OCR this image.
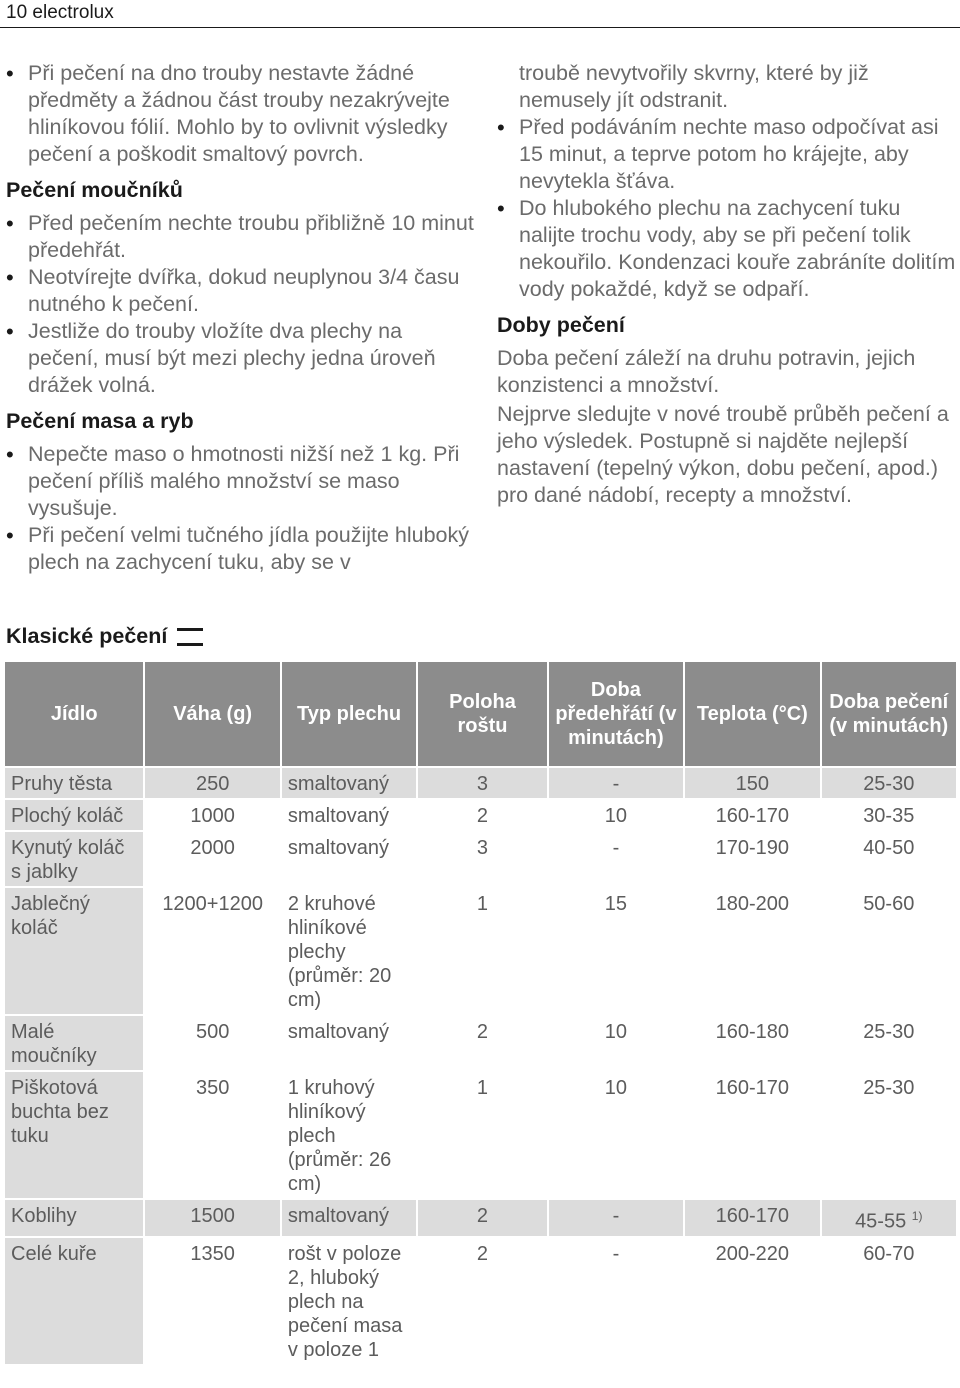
10 electrolux
• Při pečení na dno trouby nestavte žádné předměty a žádnou část trouby nezakrývejte hliníkovou fólií. Mohlo by to ovlivnit výsledky pečení a poškodit smaltový povrch.
Pečení moučníků
• Před pečením nechte troubu přibližně 10 minut předehřát.
• Neotvírejte dvířka, dokud neuplynou 3/4 času nutného k pečení.
• Jestliže do trouby vložíte dva plechy na pečení, musí být mezi plechy jedna úroveň drážek volná.
Pečení masa a ryb
• Nepečte maso o hmotnosti nižší než 1 kg. Při pečení příliš malého množství se maso vysušuje.
• Při pečení velmi tučného jídla použijte hluboký plech na zachycení tuku, aby se v
troubě nevytvořily skvrny, které by již nemusely jít odstranit.
• Před podáváním nechte maso odpočívat asi 15 minut, a teprve potom ho krájejte, aby nevytekla šťáva.
• Do hlubokého plechu na zachycení tuku nalijte trochu vody, aby se při pečení tolik nekouřilo. Kondenzaci kouře zabráníte dolitím vody pokaždé, když se odpaří.
Doby pečení

Doba pečení záleží na druhu potravin, jejich konzistenci a množství.

Nejprve sledujte v nové troubě průběh pečení a jeho výsledek. Postupně si najděte nejlepší nastavení (tepelný výkon, dobu pečení, apod.) pro dané nádobí, recepty a množství.

Klasické pečení
Jídlo	Váha (g)	Typ plechu	Poloha roštu	Doba předehřátí (v minutách)	Teplota (°C)	Doba pečení (v minutách)
Pruhy těsta	250	smaltovaný	3	-	150	25-30
Plochý koláč	1000	smaltovaný	2	10	160-170	30-35
Kynutý koláč s jablky	2000	smaltovaný	3	-	170-190	40-50
Jablečný koláč	1200+1200	2 kruhové hliníkové plechy (průměr: 20 cm)	1	15	180-200	50-60
Malé moučníky	500	smaltovaný	2	10	160-180	25-30
Piškotová buchta bez tuku	350	1 kruhový hliníkový plech (průměr: 26 cm)	1	10	160-170	25-30
Koblihy	1500	smaltovaný	2	-	160-170	45-55 $^{1)}$
Celé kuře	1350	rošt v poloze 2, hluboký plech na pečení masa v poloze 1	2	-	200-220	60-70
